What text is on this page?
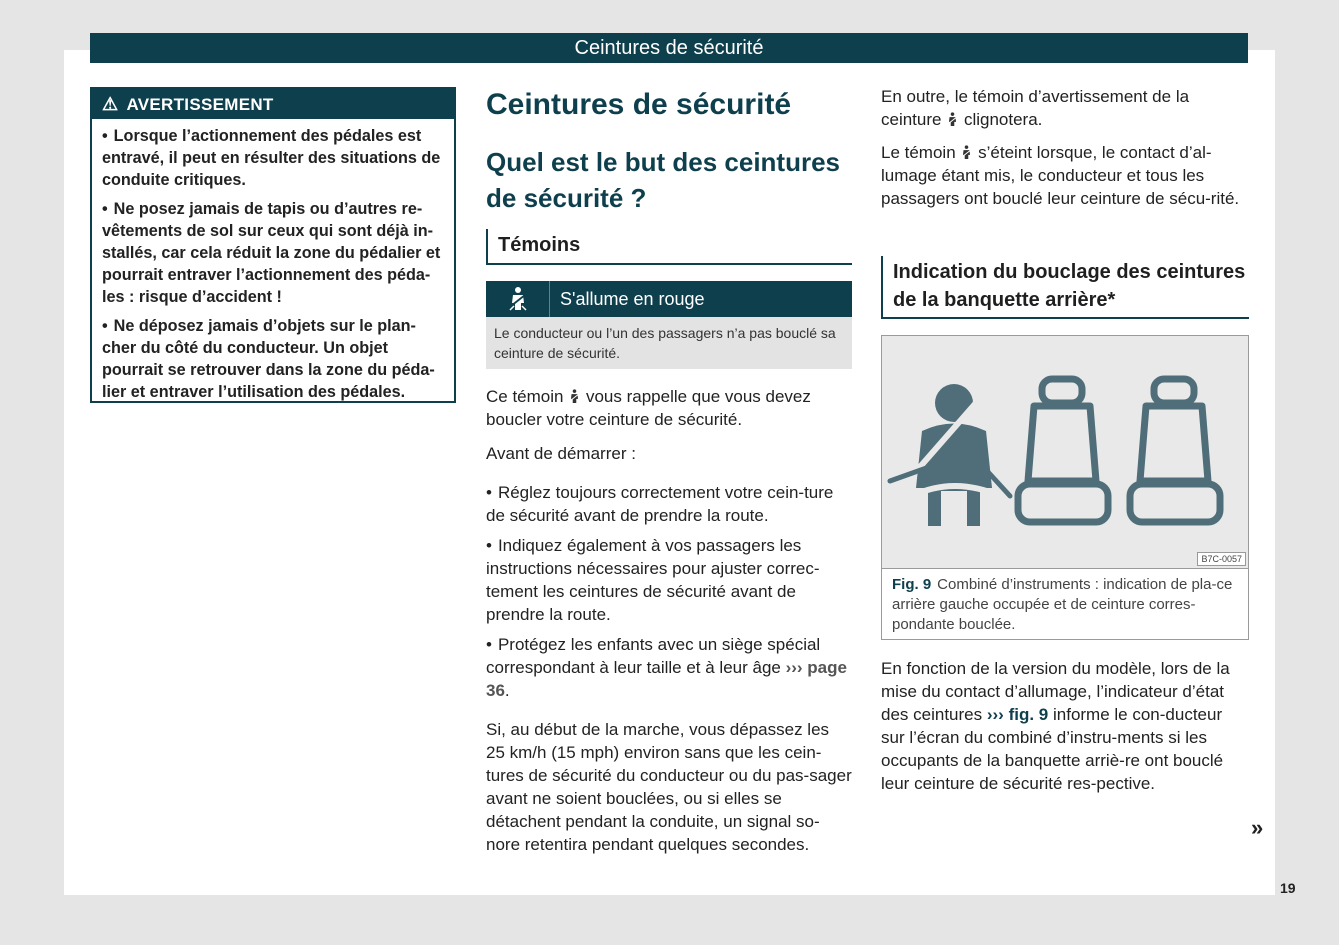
Ceintures de sécurité
⚠ AVERTISSEMENT

• Lorsque l’actionnement des pédales est entravé, il peut en résulter des situations de conduite critiques.

• Ne posez jamais de tapis ou d’autres re-vêtements de sol sur ceux qui sont déjà in-stallés, car cela réduit la zone du pédalier et pourrait entraver l’actionnement des péda-les : risque d’accident !

• Ne déposez jamais d’objets sur le plan-cher du côté du conducteur. Un objet pourrait se retrouver dans la zone du péda-lier et entraver l’utilisation des pédales.

Ceintures de sécurité
Quel est le but des ceintures de sécurité ?
Témoins
S'allume en rouge
Le conducteur ou l’un des passagers n’a pas bouclé sa ceinture de sécurité.

Ce témoin vous rappelle que vous devez boucler votre ceinture de sécurité.

Avant de démarrer :

• Réglez toujours correctement votre cein-ture de sécurité avant de prendre la route.

• Indiquez également à vos passagers les instructions nécessaires pour ajuster correc-tement les ceintures de sécurité avant de prendre la route.

• Protégez les enfants avec un siège spécial correspondant à leur taille et à leur âge ››› page 36.

Si, au début de la marche, vous dépassez les 25 km/h (15 mph) environ sans que les cein-tures de sécurité du conducteur ou du pas-sager avant ne soient bouclées, ou si elles se détachent pendant la conduite, un signal so-nore retentira pendant quelques secondes.

En outre, le témoin d’avertissement de la ceinture clignotera.

Le témoin s’éteint lorsque, le contact d’al-lumage étant mis, le conducteur et tous les passagers ont bouclé leur ceinture de sécu-rité.

Indication du bouclage des ceintures de la banquette arrière*
B7C-0057
Fig. 9 Combiné d’instruments : indication de pla-ce arrière gauche occupée et de ceinture corres-pondante bouclée.

En fonction de la version du modèle, lors de la mise du contact d’allumage, l’indicateur d’état des ceintures ››› fig. 9 informe le con-ducteur sur l’écran du combiné d’instru-ments si les occupants de la banquette arriè-re ont bouclé leur ceinture de sécurité res-pective.

»
19
